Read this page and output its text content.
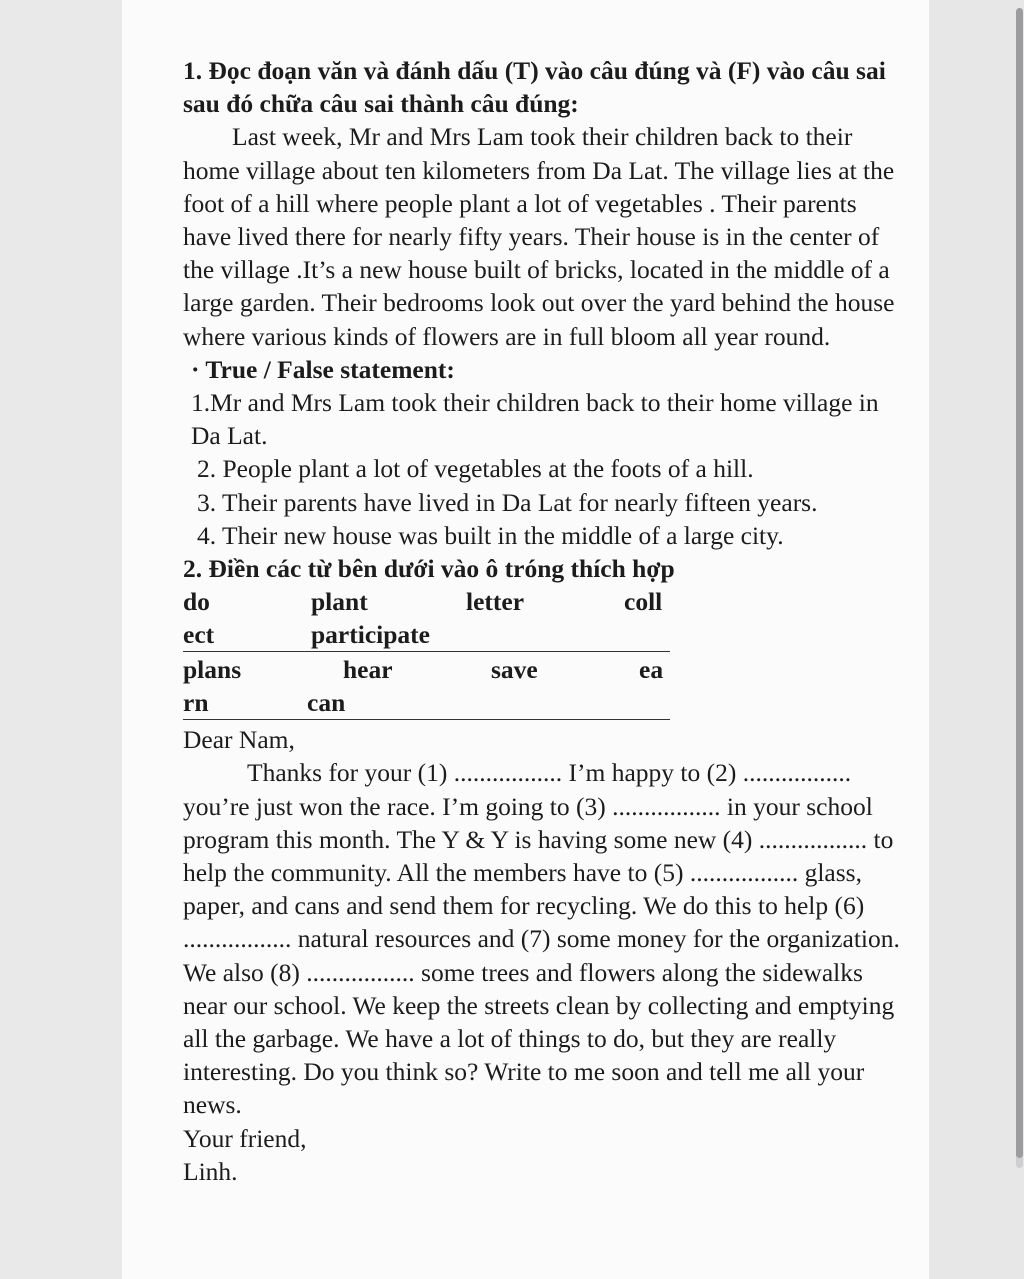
1. Đọc đoạn văn và đánh dấu (T) vào câu đúng và (F) vào câu sai sau đó chữa câu sai thành câu đúng:

Last week, Mr and Mrs Lam took their children back to their home village about ten kilometers from Da Lat. The village lies at the foot of a hill where people plant a lot of vegetables . Their parents have lived there for nearly fifty years. Their house is in the center of the village .It’s a new house built of bricks, located in the middle of a large garden. Their bedrooms look out over the yard behind the house where various kinds of flowers are in full bloom all year round.

· True / False statement:

1.Mr and Mrs Lam took their children back to their home village in Da Lat.

2. People plant a lot of vegetables at the foots of a hill.

3. Their parents have lived in Da Lat for nearly fifteen years.

4. Their new house was built in the middle of a large city.

2. Điền các từ bên dưới vào ô tróng thích hợp

do	plant	letter	coll
ect	participate
plans	hear	save	ea
rn	can

Dear Nam,

Thanks for your (1) ................. I’m happy to (2) ................. you’re just won the race. I’m going to (3) ................. in your school program this month. The Y & Y is having some new (4) ................. to help the community. All the members have to (5) ................. glass, paper, and cans and send them for recycling. We do this to help (6) ................. natural resources and (7) some money for the organization. We also (8) ................. some trees and flowers along the sidewalks near our school. We keep the streets clean by collecting and emptying all the garbage. We have a lot of things to do, but they are really interesting. Do you think so? Write to me soon and tell me all your news.

Your friend,

Linh.
